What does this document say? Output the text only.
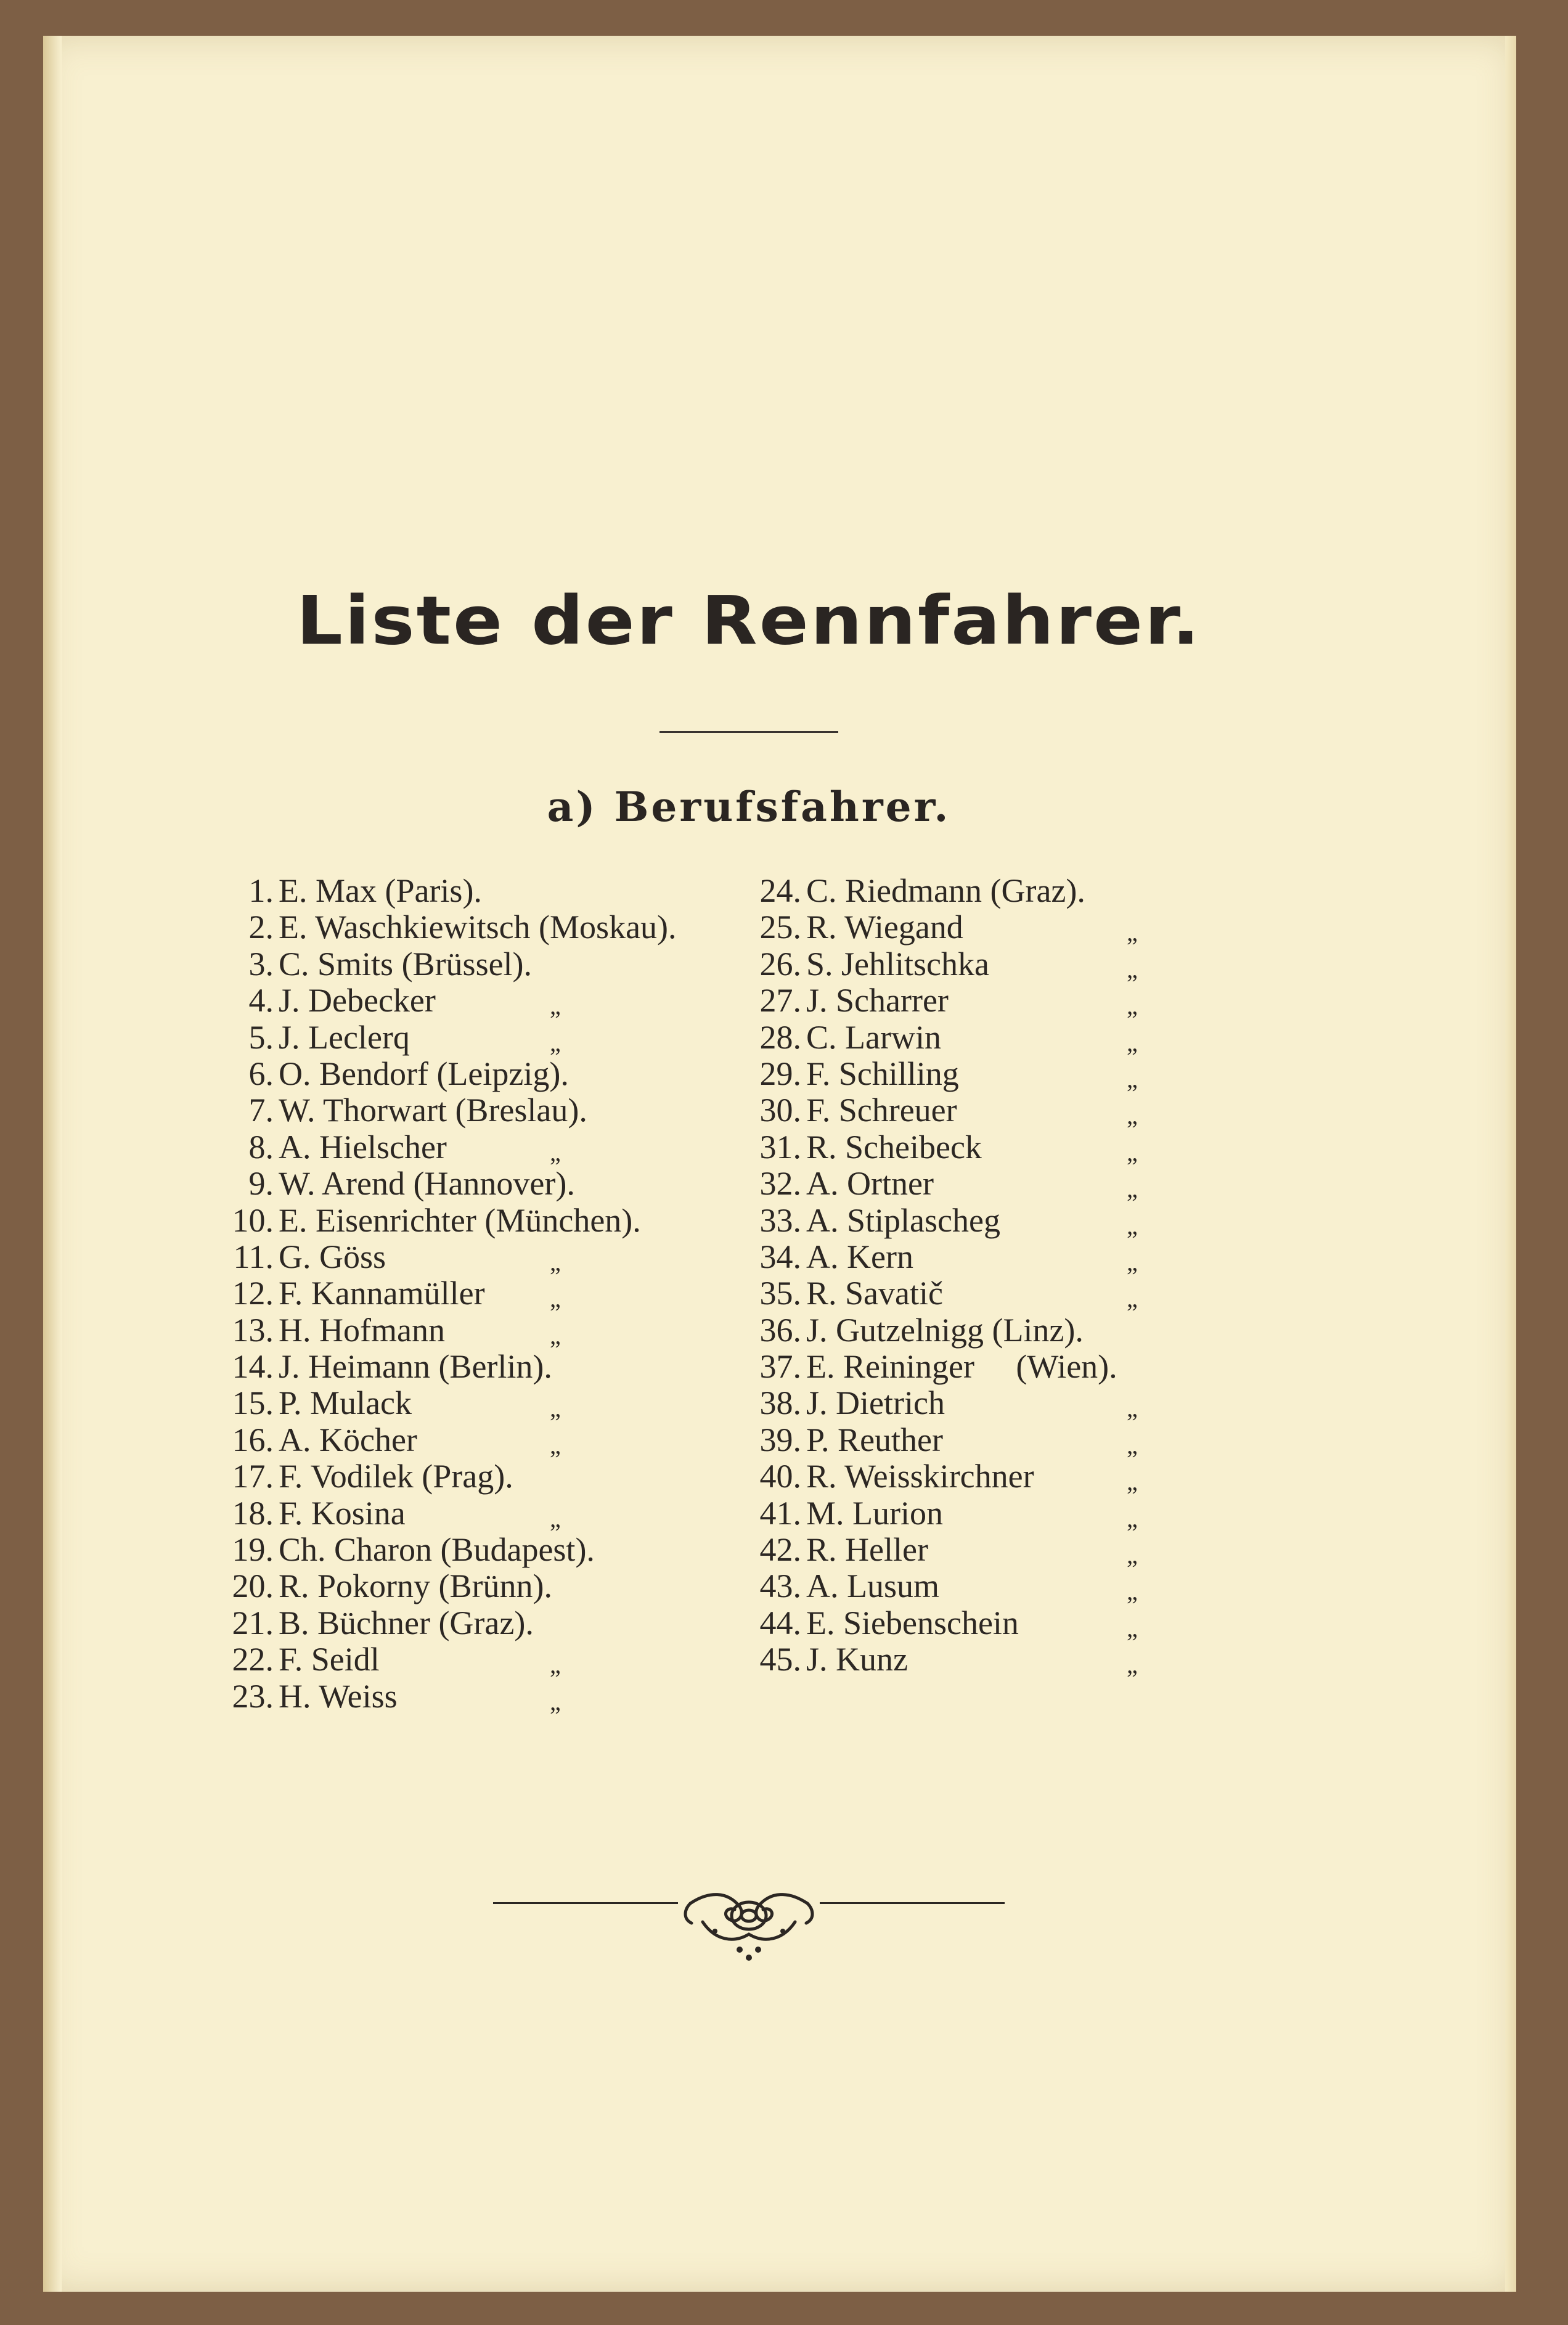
Liste der Rennfahrer.
a) Berufsfahrer.
1. E. Max (Paris).
2. E. Waschkiewitsch (Moskau).
3. C. Smits (Brüssel).
4. J. Debecker	„
5. J. Leclerq	„
6. O. Bendorf (Leipzig).
7. W. Thorwart (Breslau).
8. A. Hielscher	„
9. W. Arend (Hannover).
10. E. Eisenrichter (München).
11. G. Göss	„
12. F. Kannamüller	„
13. H. Hofmann	„
14. J. Heimann (Berlin).
15. P. Mulack	„
16. A. Köcher	„
17. F. Vodilek (Prag).
18. F. Kosina	„
19. Ch. Charon (Budapest).
20. R. Pokorny (Brünn).
21. B. Büchner (Graz).
22. F. Seidl	„
23. H. Weiss	„
24. C. Riedmann (Graz).
25. R. Wiegand	„
26. S. Jehlitschka	„
27. J. Scharrer	„
28. C. Larwin	„
29. F. Schilling	„
30. F. Schreuer	„
31. R. Scheibeck	„
32. A. Ortner	„
33. A. Stiplascheg	„
34. A. Kern	„
35. R. Savatič	„
36. J. Gutzelnigg (Linz).
37. E. Reininger     (Wien).
38. J. Dietrich	„
39. P. Reuther	„
40. R. Weisskirchner	„
41. M. Lurion	„
42. R. Heller	„
43. A. Lusum	„
44. E. Siebenschein	„
45. J. Kunz	„
